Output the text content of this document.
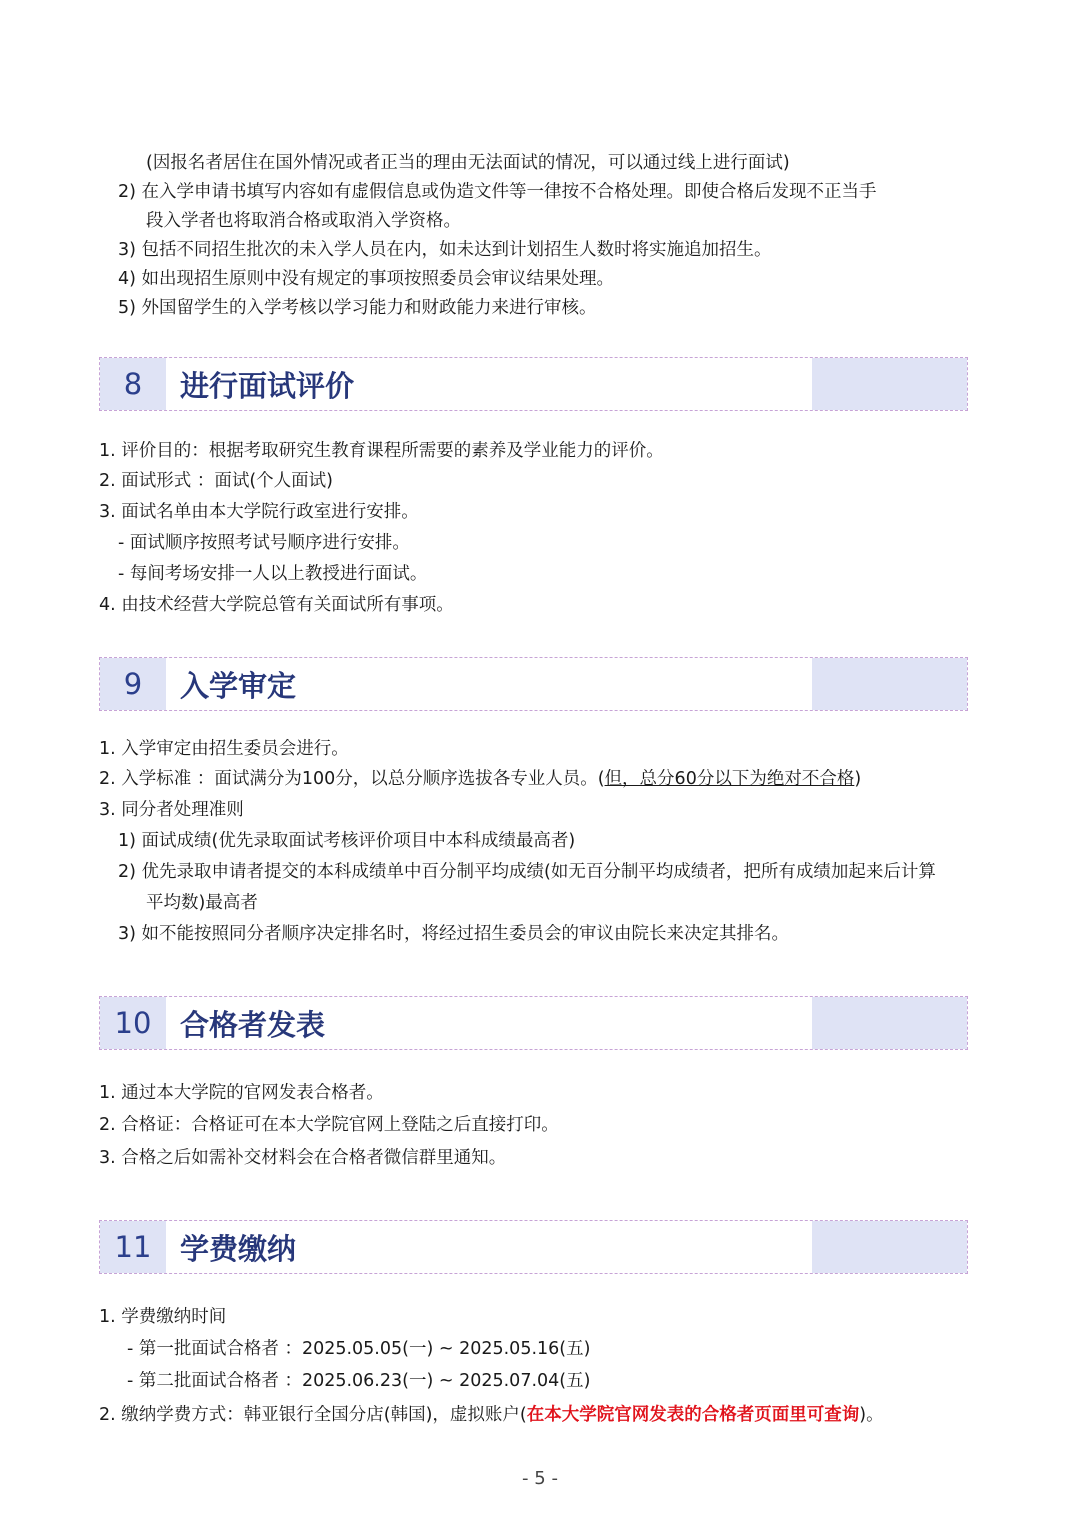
(因报名者居住在国外情况或者正当的理由无法面试的情况，可以通过线上进行面试)
2) 在入学申请书填写内容如有虚假信息或伪造文件等一律按不合格处理。即使合格后发现不正当手
段入学者也将取消合格或取消入学资格。
3) 包括不同招生批次的未入学人员在内，如未达到计划招生人数时将实施追加招生。
4) 如出现招生原则中没有规定的事项按照委员会审议结果处理。
5) 外国留学生的入学考核以学习能力和财政能力来进行审核。
8	进行面试评价
1. 评价目的：根据考取研究生教育课程所需要的素养及学业能力的评价。
2. 面试形式 ：面试(个人面试)
3. 面试名单由本大学院行政室进行安排。
- 面试顺序按照考试号顺序进行安排。
- 每间考场安排一人以上教授进行面试。
4. 由技术经营大学院总管有关面试所有事项。
9	入学审定
1. 入学审定由招生委员会进行。
2. 入学标准 ：面试满分为100分，以总分顺序选拔各专业人员。(但，总分60分以下为绝对不合格)
3. 同分者处理准则
1) 面试成绩(优先录取面试考核评价项目中本科成绩最高者)
2) 优先录取申请者提交的本科成绩单中百分制平均成绩(如无百分制平均成绩者，把所有成绩加起来后计算
平均数)最高者
3) 如不能按照同分者顺序决定排名时，将经过招生委员会的审议由院长来决定其排名。
10 合格者发表
1. 通过本大学院的官网发表合格者。
2. 合格证：合格证可在本大学院官网上登陆之后直接打印。
3. 合格之后如需补交材料会在合格者微信群里通知。
11 学费缴纳
1. 学费缴纳时间
- 第一批面试合格者 ：2025.05.05(一) ~ 2025.05.16(五)
- 第二批面试合格者 ：2025.06.23(一) ~ 2025.07.04(五)
2. 缴纳学费方式：韩亚银行全国分店(韩国)，虚拟账户(在本大学院官网发表的合格者页面里可查询)。
- 5 -
